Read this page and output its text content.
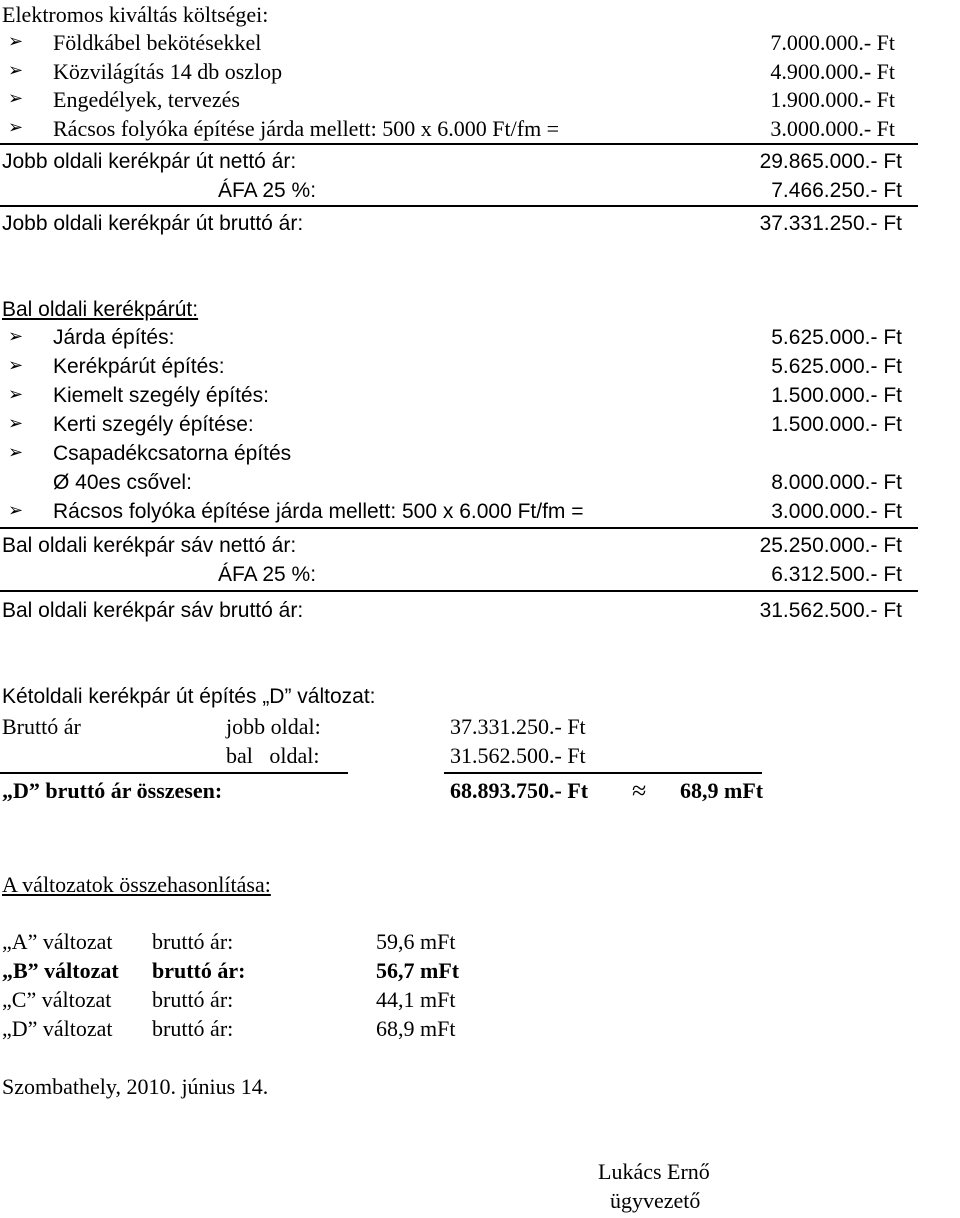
Elektromos kiváltás költségei:
➢ Földkábel bekötésekkel	7.000.000.- Ft
➢ Közvilágítás 14 db oszlop	4.900.000.- Ft
➢ Engedélyek, tervezés	1.900.000.- Ft
➢ Rácsos folyóka építése járda mellett: 500 x 6.000 Ft/fm =	3.000.000.- Ft
Jobb oldali kerékpár út nettó ár:	29.865.000.- Ft
ÁFA 25 %:	7.466.250.- Ft
Jobb oldali kerékpár út bruttó ár:	37.331.250.- Ft
Bal oldali kerékpárút:
➢ Járda építés:	5.625.000.- Ft
➢ Kerékpárút építés:	5.625.000.- Ft
➢ Kiemelt szegély építés:	1.500.000.- Ft
➢ Kerti szegély építése:	1.500.000.- Ft
➢ Csapadékcsatorna építés
Ø 40es csővel:	8.000.000.- Ft
➢ Rácsos folyóka építése járda mellett: 500 x 6.000 Ft/fm =	3.000.000.- Ft
Bal oldali kerékpár sáv nettó ár:	25.250.000.- Ft
ÁFA 25 %:	6.312.500.- Ft
Bal oldali kerékpár sáv bruttó ár:	31.562.500.- Ft
Kétoldali kerékpár út építés „D” változat:
Bruttó ár	jobb oldal:	37.331.250.- Ft
bal   oldal:	31.562.500.- Ft
„D” bruttó ár összesen:	68.893.750.- Ft ≈ 68,9 mFt
A változatok összehasonlítása:
„A” változat bruttó ár:	59,6 mFt
„B” változat bruttó ár:	56,7 mFt
„C” változat bruttó ár:	44,1 mFt
„D” változat bruttó ár:	68,9 mFt
Szombathely, 2010. június 14.
Lukács Ernő
ügyvezető
